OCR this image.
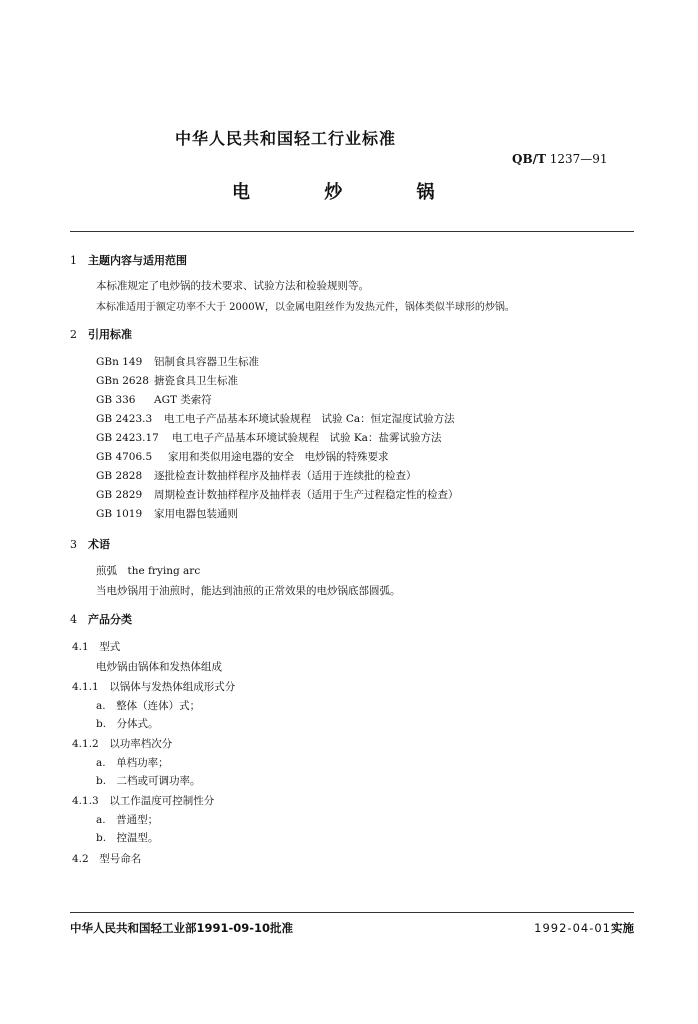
中华人民共和国轻工行业标准
QB/T 1237—91
电 炒 锅
1 主题内容与适用范围
本标准规定了电炒锅的技术要求、试验方法和检验规则等。
本标准适用于额定功率不大于 2000W，以金属电阻丝作为发热元件，锅体类似半球形的炒锅。
2 引用标准
GBn 149 铝制食具容器卫生标准
GBn 2628 搪瓷食具卫生标准
GB 336 AGT 类索符
GB 2423.3 电工电子产品基本环境试验规程　试验 Ca：恒定湿度试验方法
GB 2423.17 电工电子产品基本环境试验规程　试验 Ka：盐雾试验方法
GB 4706.5 家用和类似用途电器的安全　电炒锅的特殊要求
GB 2828 逐批检查计数抽样程序及抽样表（适用于连续批的检查）
GB 2829 周期检查计数抽样程序及抽样表（适用于生产过程稳定性的检查）
GB 1019 家用电器包装通则
3 术语
煎弧　the frying arc
当电炒锅用于油煎时，能达到油煎的正常效果的电炒锅底部圆弧。
4 产品分类
4.1　型式
电炒锅由锅体和发热体组成
4.1.1　以锅体与发热体组成形式分
a.　整体（连体）式；
b.　分体式。
4.1.2　以功率档次分
a.　单档功率；
b.　二档或可调功率。
4.1.3　以工作温度可控制性分
a.　普通型；
b.　控温型。
4.2　型号命名
中华人民共和国轻工业部1991-09-10批准	1992-04-01实施
